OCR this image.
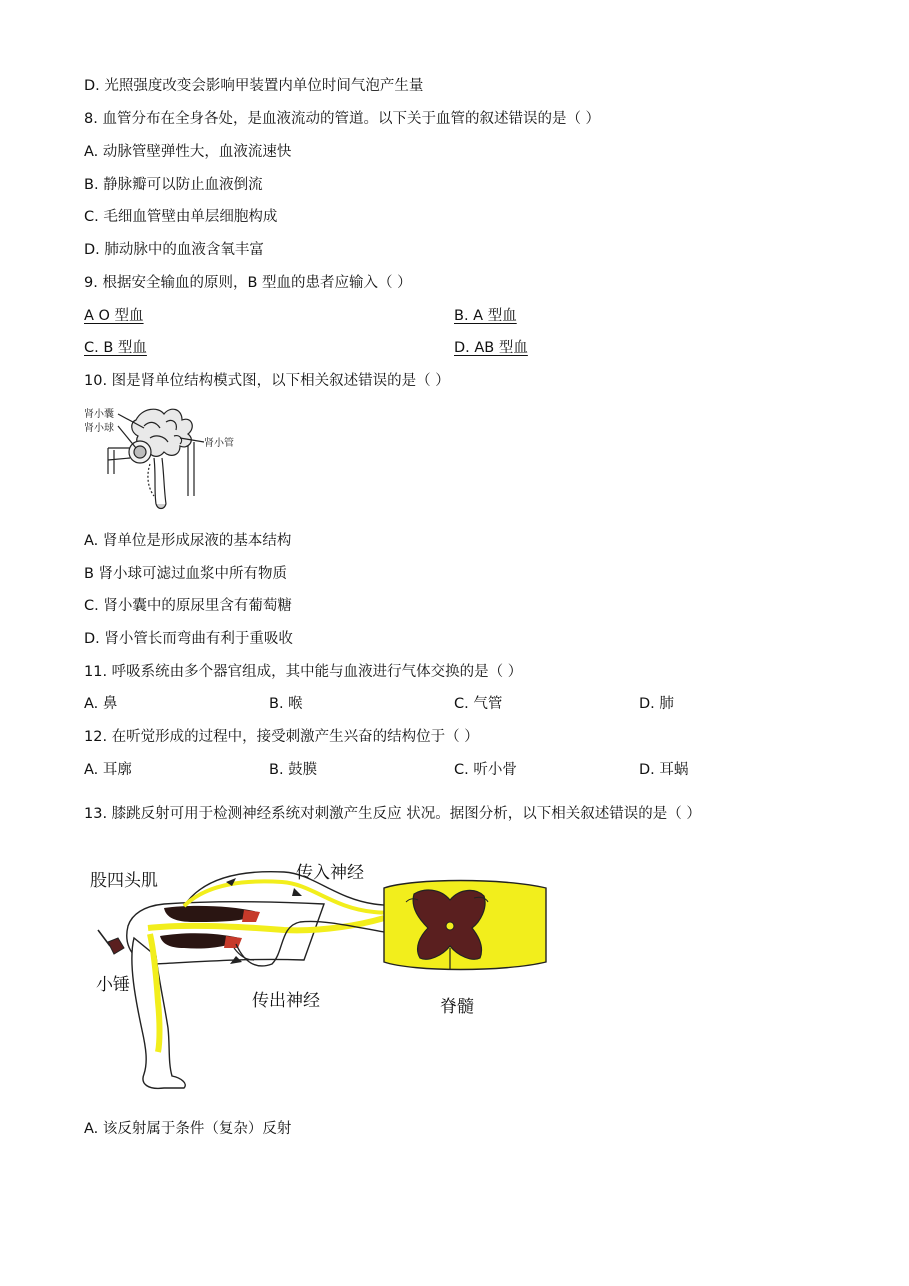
D. 光照强度改变会影响甲装置内单位时间气泡产生量
8. 血管分布在全身各处，是血液流动的管道。以下关于血管的叙述错误的是（ ）
A. 动脉管壁弹性大，血液流速快
B. 静脉瓣可以防止血液倒流
C. 毛细血管壁由单层细胞构成
D. 肺动脉中的血液含氧丰富
9. 根据安全输血的原则，B 型血的患者应输入（ ）
A O 型血	B. A 型血
C. B 型血	D. AB 型血
10. 图是肾单位结构模式图，以下相关叙述错误的是（ ）
肾小囊
肾小球
肾小管
A. 肾单位是形成尿液的基本结构
B 肾小球可滤过血浆中所有物质
C. 肾小囊中的原尿里含有葡萄糖
D. 肾小管长而弯曲有利于重吸收
11. 呼吸系统由多个器官组成，其中能与血液进行气体交换的是（ ）
A. 鼻	B. 喉	C. 气管	D. 肺
12. 在听觉形成的过程中，接受刺激产生兴奋的结构位于（ ）
A. 耳廓	B. 鼓膜	C. 听小骨	D. 耳蜗
13. 膝跳反射可用于检测神经系统对刺激产生反应 状况。据图分析，以下相关叙述错误的是（ ）
股四头肌	传入神经
小锤
传出神经	脊髓
A. 该反射属于条件（复杂）反射
